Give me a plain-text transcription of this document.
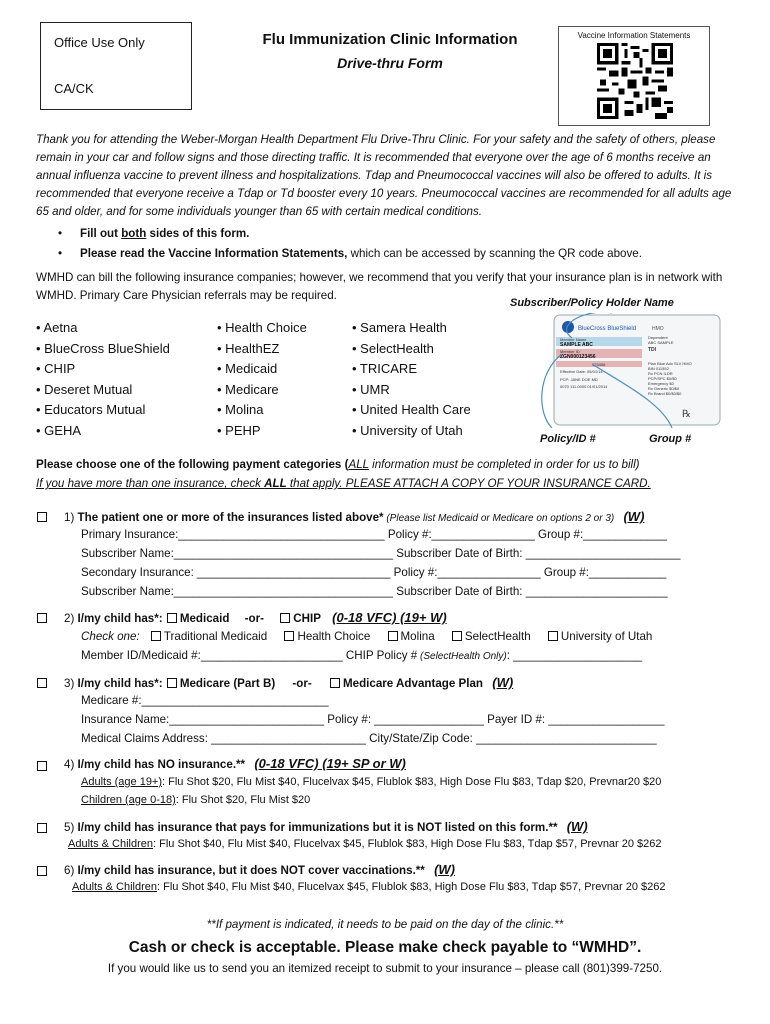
Office Use Only
CA/CK
Flu Immunization Clinic Information
Drive-thru Form
Vaccine Information Statements
Thank you for attending the Weber-Morgan Health Department Flu Drive-Thru Clinic. For your safety and the safety of others, please remain in your car and follow signs and those directing traffic. It is recommended that everyone over the age of 6 months receive an annual influenza vaccine to prevent illness and hospitalizations. Tdap and Pneumococcal vaccines will also be offered to adults. It is recommended that everyone receive a Tdap or Td booster every 10 years. Pneumococcal vaccines are recommended for all adults age 65 and older, and for some individuals younger than 65 with certain medical conditions.
• Fill out both sides of this form.
• Please read the Vaccine Information Statements, which can be accessed by scanning the QR code above.
WMHD can bill the following insurance companies; however, we recommend that you verify that your insurance plan is in network with WMHD. Primary Care Physician referrals may be required.
Subscriber/Policy Holder Name
• Aetna
• BlueCross BlueShield
• CHIP
• Deseret Mutual
• Educators Mutual
• GEHA
• Health Choice
• HealthEZ
• Medicaid
• Medicare
• Molina
• PEHP
• Samera Health
• SelectHealth
• TRICARE
• UMR
• United Health Care
• University of Utah
BlueCross BlueShield	HMO
Member Name
SAMPLE ABC
Member ID
ZGN000123456
123456
Effective Date: 05/01/14
PCP: JANE DOE MD
0070 111-0000 01/01/2014
TDI
Dependent
ABC SAMPLE
Plan Blue Adv SLV HMO
BIN 011552
Rx PCN ILDR
PCP/SPC $0/$0
Emergency $0
Rx Generic $0/$0
Rx Brand $0/$0/$0
℞
Policy/ID #	Group #
Please choose one of the following payment categories (ALL information must be completed in order for us to bill)
If you have more than one insurance, check ALL that apply. PLEASE ATTACH A COPY OF YOUR INSURANCE CARD.
1) The patient one or more of the insurances listed above* (Please list Medicaid or Medicare on options 2 or 3) (W)
Primary Insurance:________________________________ Policy #:________________ Group #:_____________
Subscriber Name:__________________________________ Subscriber Date of Birth: ________________________
Secondary Insurance: ______________________________ Policy #:________________ Group #:____________
Subscriber Name:__________________________________ Subscriber Date of Birth: ______________________
2) I/my child has*: Medicaid -or-	CHIP (0-18 VFC) (19+ W)
Check one: Traditional Medicaid	Health Choice	Molina	SelectHealth	University of Utah
Member ID/Medicaid #:______________________ CHIP Policy # (SelectHealth Only): ____________________
3) I/my child has*: Medicare (Part B) -or-	Medicare Advantage Plan (W)
Medicare #:_____________________________
Insurance Name:________________________ Policy #: _________________ Payer ID #: __________________
Medical Claims Address: ________________________ City/State/Zip Code: ____________________________
4) I/my child has NO insurance.** (0-18 VFC) (19+ SP or W)
Adults (age 19+): Flu Shot $20, Flu Mist $40, Flucelvax $45, Flublok $83, High Dose Flu $83, Tdap $20, Prevnar20 $20
Children (age 0-18): Flu Shot $20, Flu Mist $20
5) I/my child has insurance that pays for immunizations but it is NOT listed on this form.** (W)
Adults & Children: Flu Shot $40, Flu Mist $40, Flucelvax $45, Flublok $83, High Dose Flu $83, Tdap $57, Prevnar 20 $262
6) I/my child has insurance, but it does NOT cover vaccinations.** (W)
Adults & Children: Flu Shot $40, Flu Mist $40, Flucelvax $45, Flublok $83, High Dose Flu $83, Tdap $57, Prevnar 20 $262
**If payment is indicated, it needs to be paid on the day of the clinic.**
Cash or check is acceptable. Please make check payable to “WMHD”.
If you would like us to send you an itemized receipt to submit to your insurance – please call (801)399-7250.
